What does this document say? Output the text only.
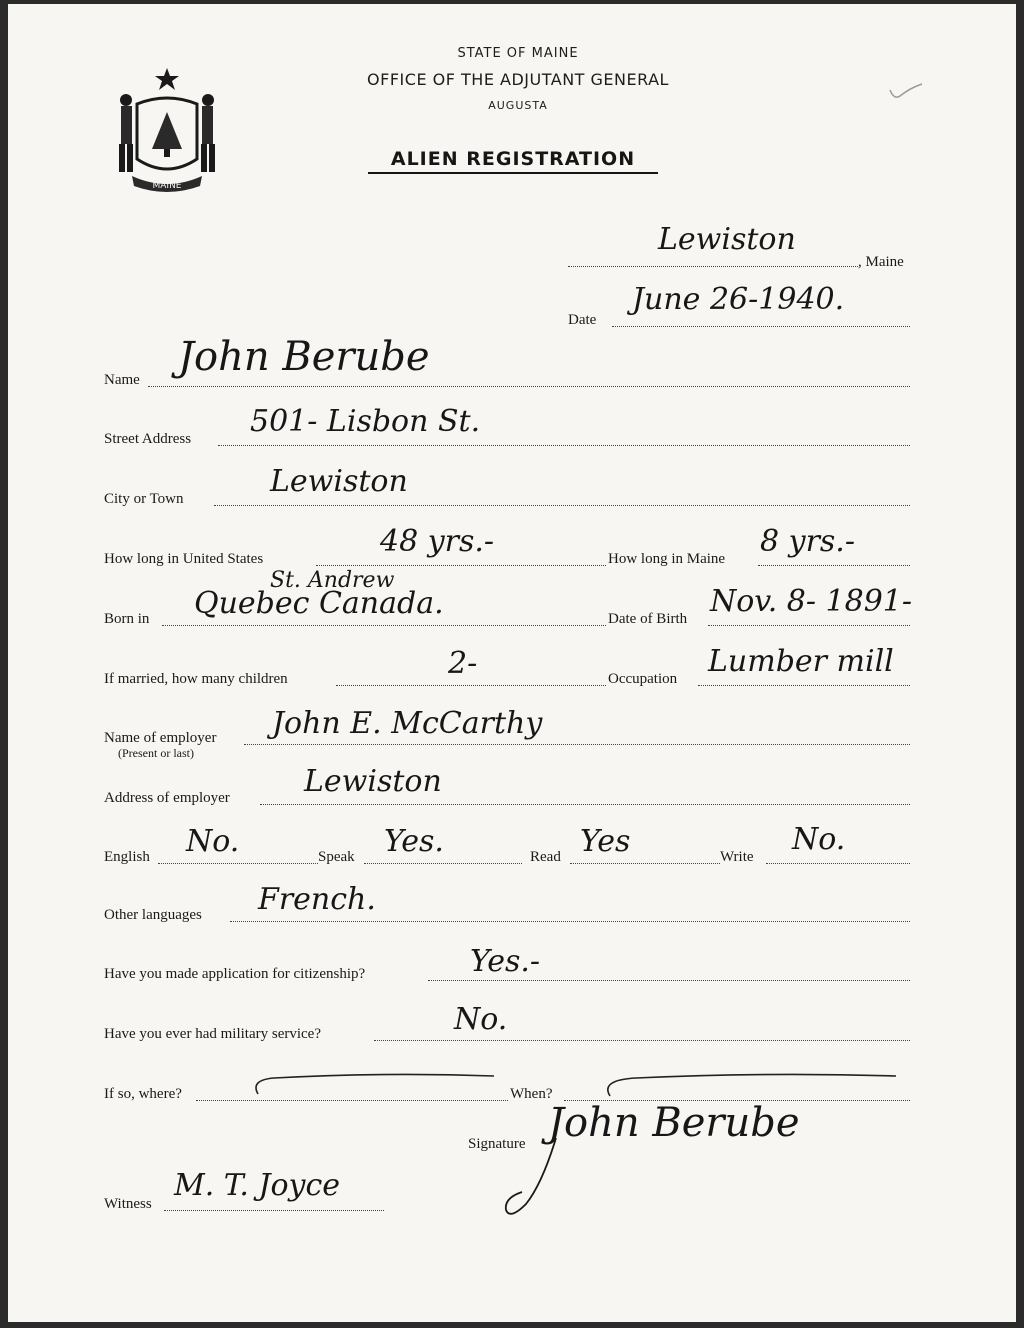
MAINE
STATE OF MAINE
OFFICE OF THE ADJUTANT GENERAL
AUGUSTA
ALIEN REGISTRATION
Lewiston
, Maine
Date
June 26-1940.
Name John Berube
Street Address 501- Lisbon St.
City or Town	Lewiston
How long in United States	48 yrs.-	How long in Maine 8 yrs.-
St. Andrew
Born in Quebec Canada.	Date of Birth Nov. 8- 1891-
If married, how many children	2-	Occupation Lumber mill
Name of employer
(Present or last)
John E. McCarthy
Address of employer Lewiston
English No.	Speak Yes.	Read Yes	Write No.
Other languages French.
Have you made application for citizenship?	Yes.-
Have you ever had military service?	No.
If so, where?	When?
Signature John Berube
Witness
M. T. Joyce
